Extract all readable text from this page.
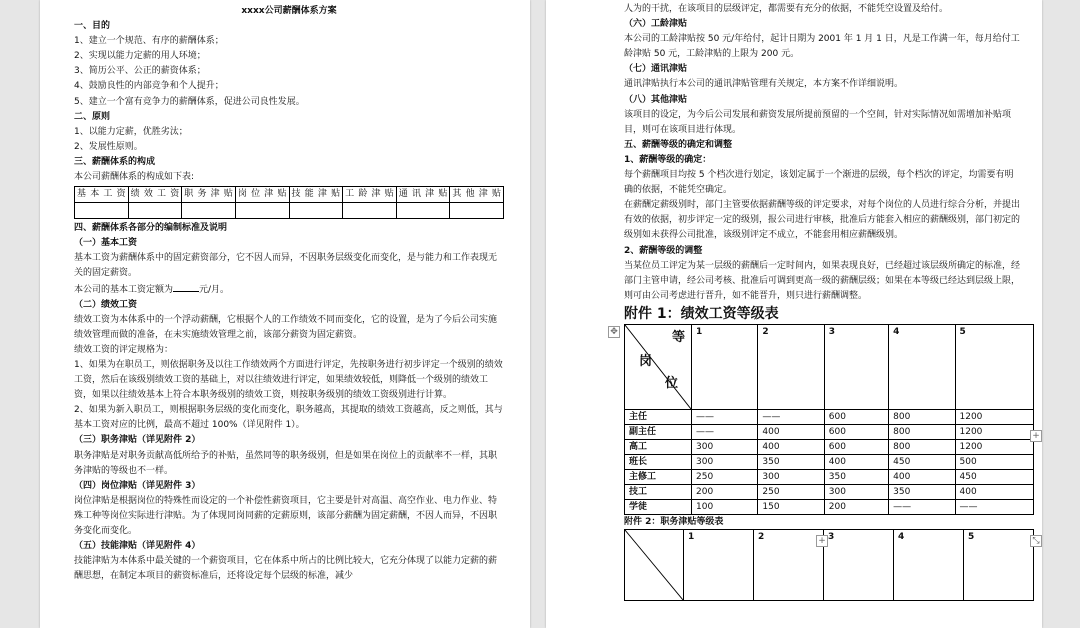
xxxx公司薪酬体系方案

一、目的

1、建立一个规范、有序的薪酬体系；

2、实现以能力定薪的用人环境；

3、简历公平、公正的薪资体系；

4、鼓励良性的内部竞争和个人提升；

5、建立一个富有竞争力的薪酬体系，促进公司良性发展。

二、原则

1、以能力定薪，优胜劣汰；

2、发展性原则。

三、薪酬体系的构成

本公司薪酬体系的构成如下表:

基本工资	绩效工资	职务津贴	岗位津贴	技能津贴	工龄津贴	通讯津贴	其他津贴

四、薪酬体系各部分的编制标准及说明

（一）基本工资

基本工资为薪酬体系中的固定薪资部分，它不因人而异，不因职务层级变化而变化，是与能力和工作表现无关的固定薪资。

本公司的基本工资定额为	元/月。

（二）绩效工资

绩效工资为本体系中的一个浮动薪酬，它根据个人的工作绩效不同而变化，它的设置，是为了今后公司实施绩效管理而做的准备，在未实施绩效管理之前，该部分薪资为固定薪资。

绩效工资的评定规格为：

1、如果为在职员工，则依据职务及以往工作绩效两个方面进行评定，先按职务进行初步评定一个级别的绩效工资，然后在该级别绩效工资的基础上，对以往绩效进行评定，如果绩效较低，则降低一个级别的绩效工资，如果以往绩效基本上符合本职务级别的绩效工资，则按职务级别的绩效工资级别进行计算。

2、如果为新入职员工，则根据职务层级的变化而变化，职务越高，其提取的绩效工资越高，反之则低，其与基本工资对应的比例，最高不超过 100%（详见附件 1）。

（三）职务津贴（详见附件 2）

职务津贴是对职务贡献高低所给予的补贴，虽然同等的职务级别，但是如果在岗位上的贡献率不一样，其职务津贴的等级也不一样。

（四）岗位津贴（详见附件 3）

岗位津贴是根据岗位的特殊性而设定的一个补偿性薪资项目，它主要是针对高温、高空作业、电力作业、特殊工种等岗位实际进行津贴。为了体现同岗同薪的定薪原则，该部分薪酬为固定薪酬，不因人而异，不因职务变化而变化。

（五）技能津贴（详见附件 4）

技能津贴为本体系中最关键的一个薪资项目，它在体系中所占的比例比较大，它充分体现了以能力定薪的薪酬思想，在制定本项目的薪资标准后，还将设定每个层级的标准，减少

人为的干扰，在该项目的层级评定，都需要有充分的依据，不能凭空设置及给付。

（六）工龄津贴

本公司的工龄津贴按 50 元/年给付，起计日期为 2001 年 1 月 1 日，凡是工作满一年，每月给付工龄津贴 50 元，工龄津贴的上限为 200 元。

（七）通讯津贴

通讯津贴执行本公司的通讯津贴管理有关规定，本方案不作详细说明。

（八）其他津贴

该项目的设定，为今后公司发展和薪资发展所提前预留的一个空间，针对实际情况如需增加补贴项目，则可在该项目进行体现。

五、薪酬等级的确定和调整

1、薪酬等级的确定：

每个薪酬项目均按 5 个档次进行划定，该划定属于一个渐进的层级，每个档次的评定，均需要有明确的依据，不能凭空确定。

在薪酬定薪级别时，部门主管要依据薪酬等级的评定要求，对每个岗位的人员进行综合分析，并提出有效的依据，初步评定一定的级别，报公司进行审核，批准后方能套入相应的薪酬级别，部门初定的级别如未获得公司批准，该级别评定不成立，不能套用相应薪酬级别。

2、薪酬等级的调整

当某位员工评定为某一层级的薪酬后一定时间内，如果表现良好，已经超过该层级所确定的标准，经部门主管申请，经公司考核、批准后可调到更高一级的薪酬层级；如果在本等级已经达到层级上限，则可由公司考虑进行晋升，如不能晋升，则只进行薪酬调整。

附件 1：绩效工资等级表

等
岗
位	1	2	3	4	5
主任	——	——	600	800	1200
副主任	——	400	600	800	1200
高工	300	400	600	800	1200
班长	300	350	400	450	500
主修工	250	300	350	400	450
技工	200	250	300	350	400
学徒	100	150	200	——	——

附件 2：职务津贴等级表

	1	2	3	4	5
✥
+
+	⤡
